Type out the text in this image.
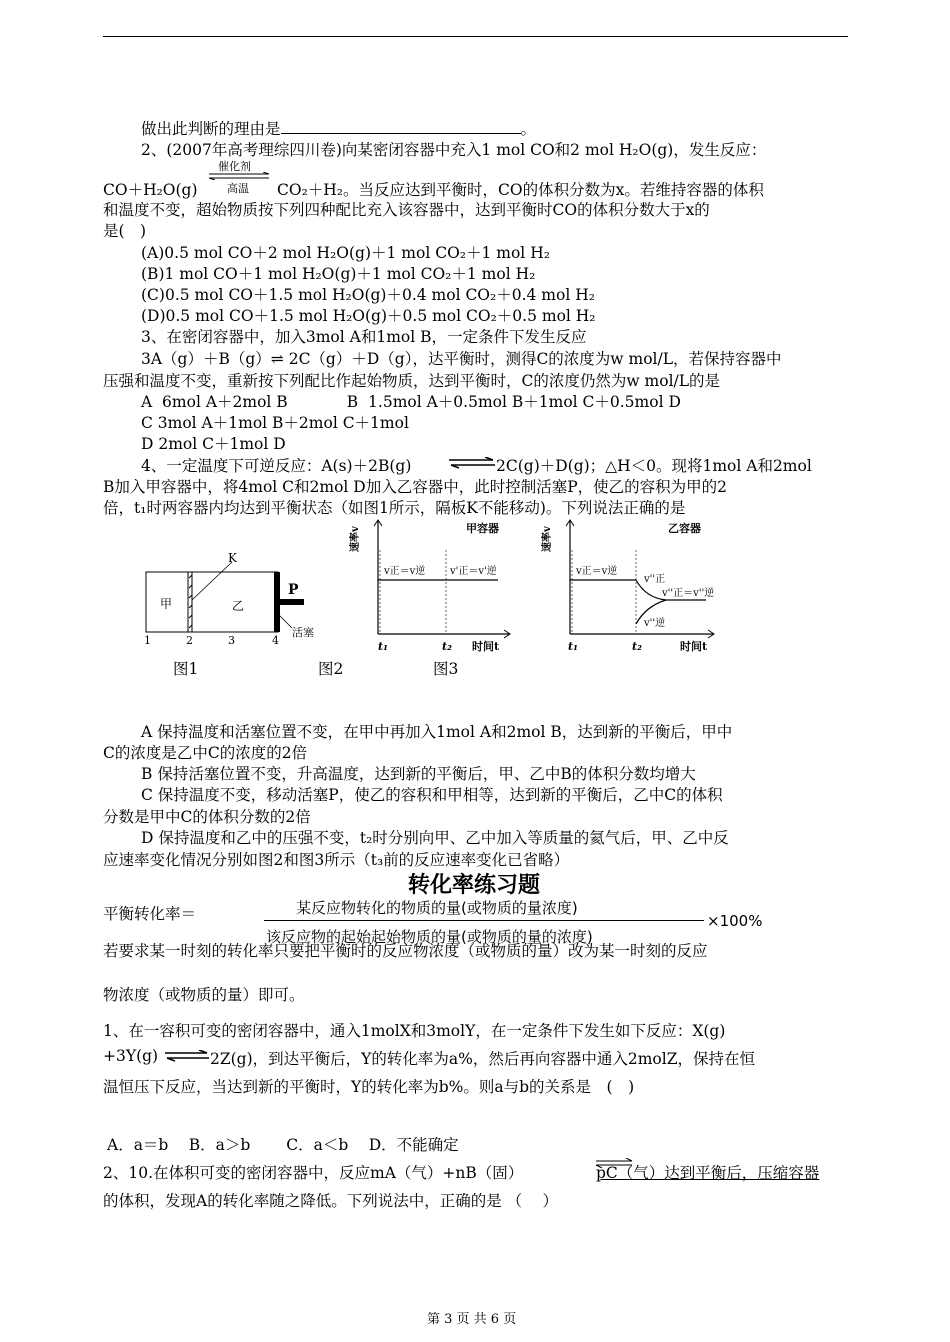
做出此判断的理由是	。
2、(2007年高考理综四川卷)向某密闭容器中充入1 mol CO和2 mol H₂O(g)，发生反应：
CO＋H₂O(g)
催化剂
高温 CO₂＋H₂。当反应达到平衡时，CO的体积分数为x。若维持容器的体积
和温度不变，超始物质按下列四种配比充入该容器中，达到平衡时CO的体积分数大于x的
是(　)
(A)0.5 mol CO＋2 mol H₂O(g)＋1 mol CO₂＋1 mol H₂
(B)1 mol CO＋1 mol H₂O(g)＋1 mol CO₂＋1 mol H₂
(C)0.5 mol CO＋1.5 mol H₂O(g)＋0.4 mol CO₂＋0.4 mol H₂
(D)0.5 mol CO＋1.5 mol H₂O(g)＋0.5 mol CO₂＋0.5 mol H₂
3、在密闭容器中，加入3mol A和1mol B，一定条件下发生反应
3A（g）＋B（g）⇌ 2C（g）＋D（g），达平衡时，测得C的浓度为w mol/L，若保持容器中
压强和温度不变，重新按下列配比作起始物质，达到平衡时，C的浓度仍然为w mol/L的是
A  6mol A＋2mol B            B  1.5mol A＋0.5mol B＋1mol C＋0.5mol D
C 3mol A＋1mol B＋2mol C＋1mol
D 2mol C＋1mol D
4、一定温度下可逆反应：A(s)＋2B(g) ⇌ 2C(g)＋D(g)；△H＜0。现将1mol A和2mol
B加入甲容器中，将4mol C和2mol D加入乙容器中，此时控制活塞P，使乙的容积为甲的2
倍，t₁时两容器内均达到平衡状态（如图1所示，隔板K不能移动)。下列说法正确的是
甲	乙
K
P
活塞
1	2	3	4
甲容器
速率v
v正＝v逆 v'正＝v'逆
t₁	t₂ 时间t
乙容器
速率v
v正＝v逆
v''正
v''正＝v''逆
v''逆
t₁	t₂	时间t
图1	图2	图3
A 保持温度和活塞位置不变，在甲中再加入1mol A和2mol B，达到新的平衡后，甲中
C的浓度是乙中C的浓度的2倍
B 保持活塞位置不变，升高温度，达到新的平衡后，甲、乙中B的体积分数均增大
C 保持温度不变，移动活塞P，使乙的容积和甲相等，达到新的平衡后，乙中C的体积
分数是甲中C的体积分数的2倍
D 保持温度和乙中的压强不变，t₂时分别向甲、乙中加入等质量的氦气后，甲、乙中反
应速率变化情况分别如图2和图3所示（t₃前的反应速率变化已省略）
转化率练习题
平衡转化率＝	某反应物转化的物质的量(或物质的量浓度)
×100%
该反应物的起始起始物质的量(或物质的量的浓度)
若要求某一时刻的转化率只要把平衡时的反应物浓度（或物质的量）改为某一时刻的反应
物浓度（或物质的量）即可。
1、在一容积可变的密闭容器中，通入1molX和3molY，在一定条件下发生如下反应：X(g)
+3Y(g) ⇌ 2Z(g)，到达平衡后，Y的转化率为a%，然后再向容器中通入2molZ，保持在恒
温恒压下反应，当达到新的平衡时，Y的转化率为b%。则a与b的关系是　(　)
A．a＝b　 B．a＞b　　 C．a＜b　 D．不能确定
2、10.在体积可变的密闭容器中，反应mA（气）+nB（固）	pC（气）达到平衡后，压缩容器
的体积，发现A的转化率随之降低。下列说法中，正确的是 （　 ）
第 3 页 共 6 页
